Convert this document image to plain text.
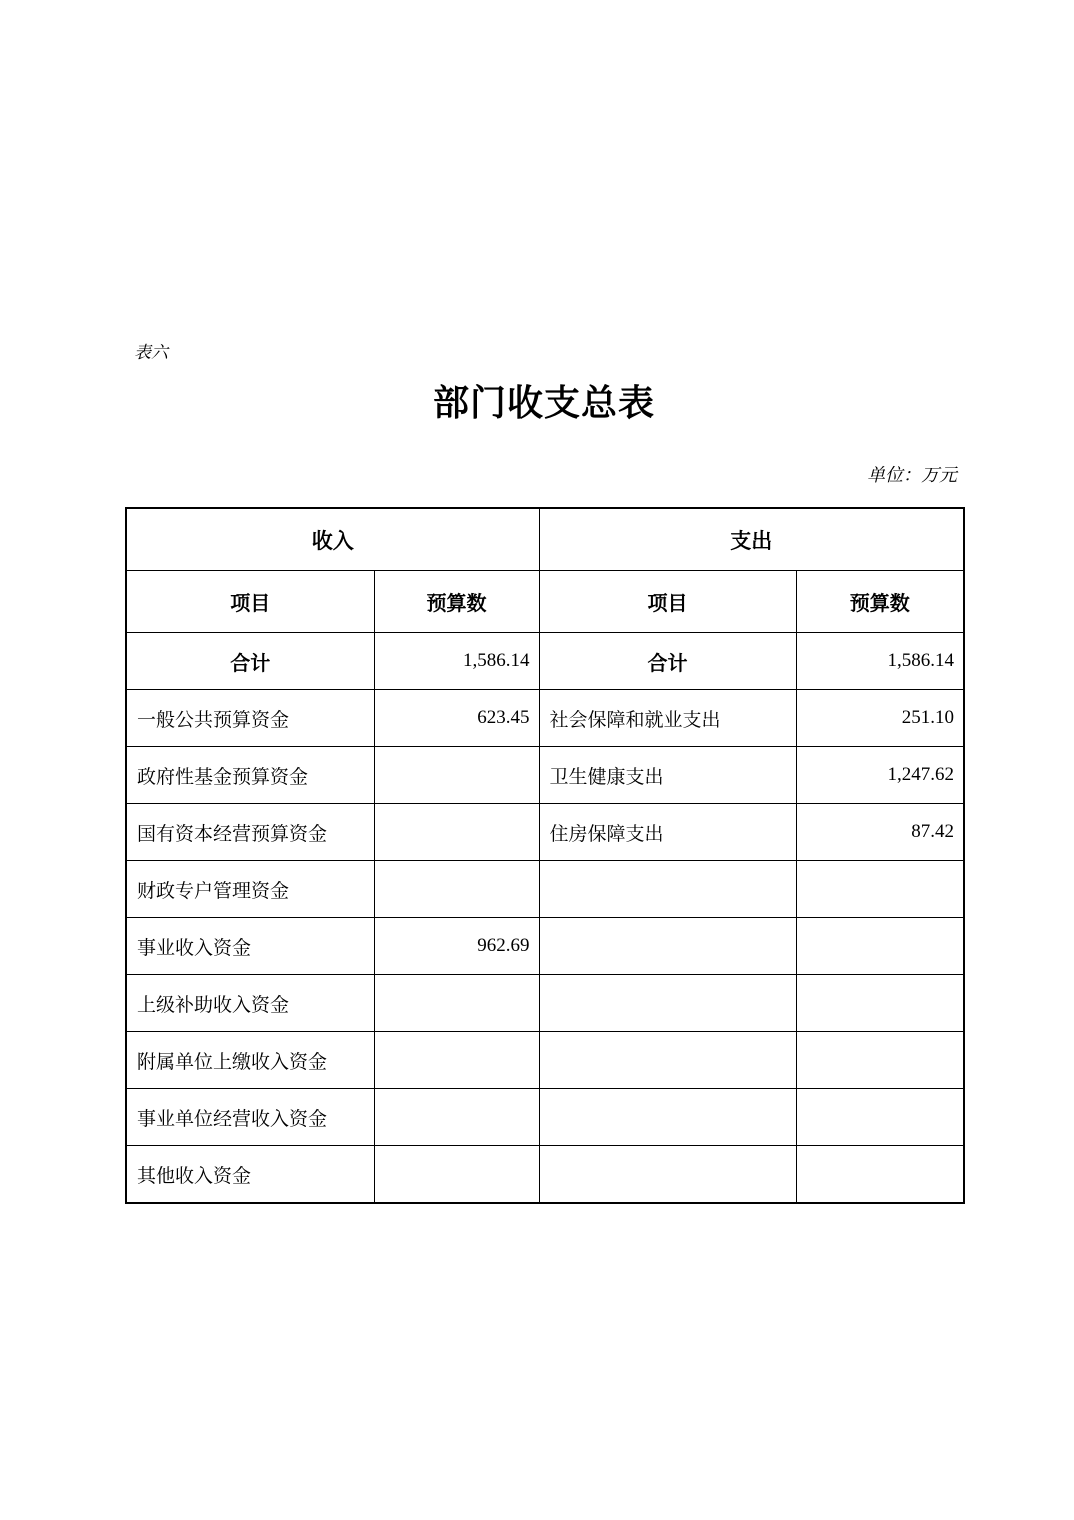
表六
部门收支总表
单位：万元
收入		支出	
项目	预算数	项目	预算数
合计	1,586.14	合计	1,586.14
一般公共预算资金	623.45	社会保障和就业支出	251.10
政府性基金预算资金		卫生健康支出	1,247.62
国有资本经营预算资金		住房保障支出	87.42
财政专户管理资金			
事业收入资金	962.69		
上级补助收入资金			
附属单位上缴收入资金			
事业单位经营收入资金			
其他收入资金			
